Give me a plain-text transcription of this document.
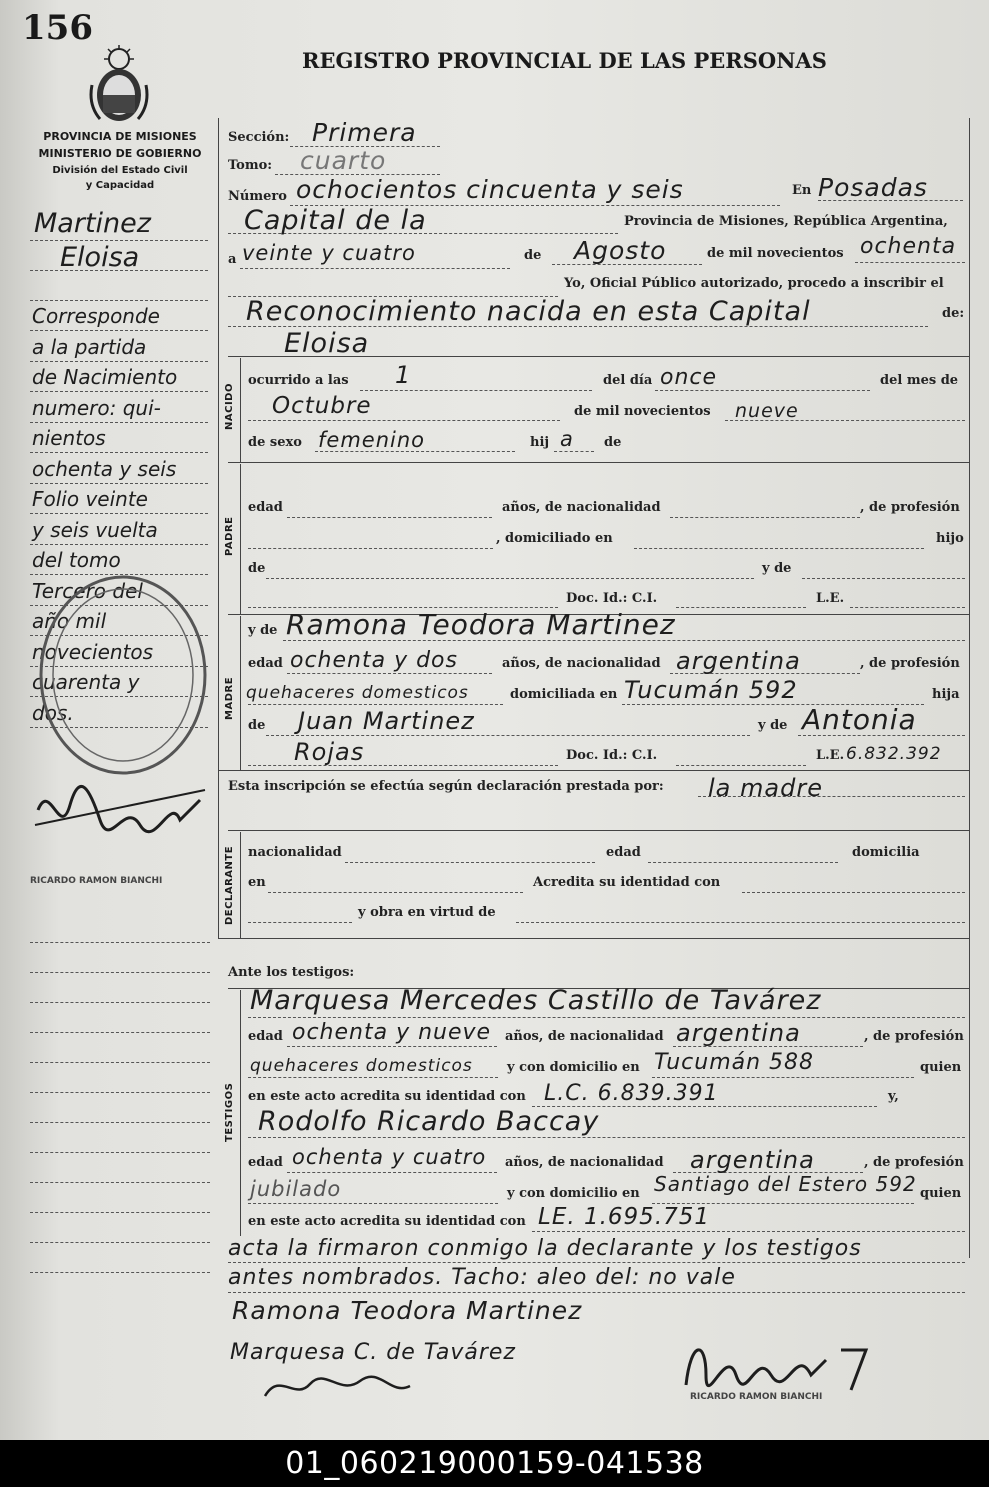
156
REGISTRO PROVINCIAL DE LAS PERSONAS
PROVINCIA DE MISIONES
MINISTERIO DE GOBIERNO
División del Estado Civil
y Capacidad
Martinez
Eloisa
Corresponde
a la partida
de Nacimiento
numero: qui-
nientos
ochenta y seis
Folio veinte
y seis vuelta
del tomo
Tercero del
año mil
novecientos
cuarenta y
dos.
RICARDO RAMON BIANCHI
Sección: Primera
Tomo: cuarto
Número ochocientos cincuenta y seis	En Posadas
Capital de la	Provincia de Misiones, República Argentina,
a veinte y cuatro	de Agosto	de mil novecientos ochenta
Yo, Oficial Público autorizado, procedo a inscribir el
Reconocimiento nacida en esta Capital	de:
Eloisa
NACIDO
ocurrido a las 1	del día once	del mes de
Octubre	de mil novecientos nueve
de sexo femenino	hij a de
PADRE
edad	años, de nacionalidad	, de profesión
, domiciliado en	hijo
de	y de
Doc. Id.: C.I.	L.E.
MADRE
y de Ramona Teodora Martinez
edad ochenta y dos	años, de nacionalidad argentina	, de profesión
quehaceres domesticos	domiciliada en Tucumán 592	hija
de Juan Martinez	y de Antonia
Rojas	Doc. Id.: C.I.	L.E. 6.832.392
Esta inscripción se efectúa según declaración prestada por: la madre
DECLARANTE nacionalidad	edad	domicilia
en	Acredita su identidad con
y obra en virtud de
Ante los testigos:
TESTIGOS
Marquesa Mercedes Castillo de Tavárez
edad ochenta y nueve años, de nacionalidad argentina	, de profesión
quehaceres domesticos	y con domicilio en Tucumán 588	quien
en este acto acredita su identidad con L.C. 6.839.391	y,
Rodolfo Ricardo Baccay
edad ochenta y cuatro años, de nacionalidad argentina	, de profesión
jubilado	y con domicilio en Santiago del Estero 592 quien
en este acto acredita su identidad con LE. 1.695.751
acta la firmaron conmigo la declarante y los testigos
antes nombrados. Tacho: aleo del: no vale
Ramona Teodora Martinez
Marquesa C. de Tavárez
RICARDO RAMON BIANCHI
01_060219000159-041538
